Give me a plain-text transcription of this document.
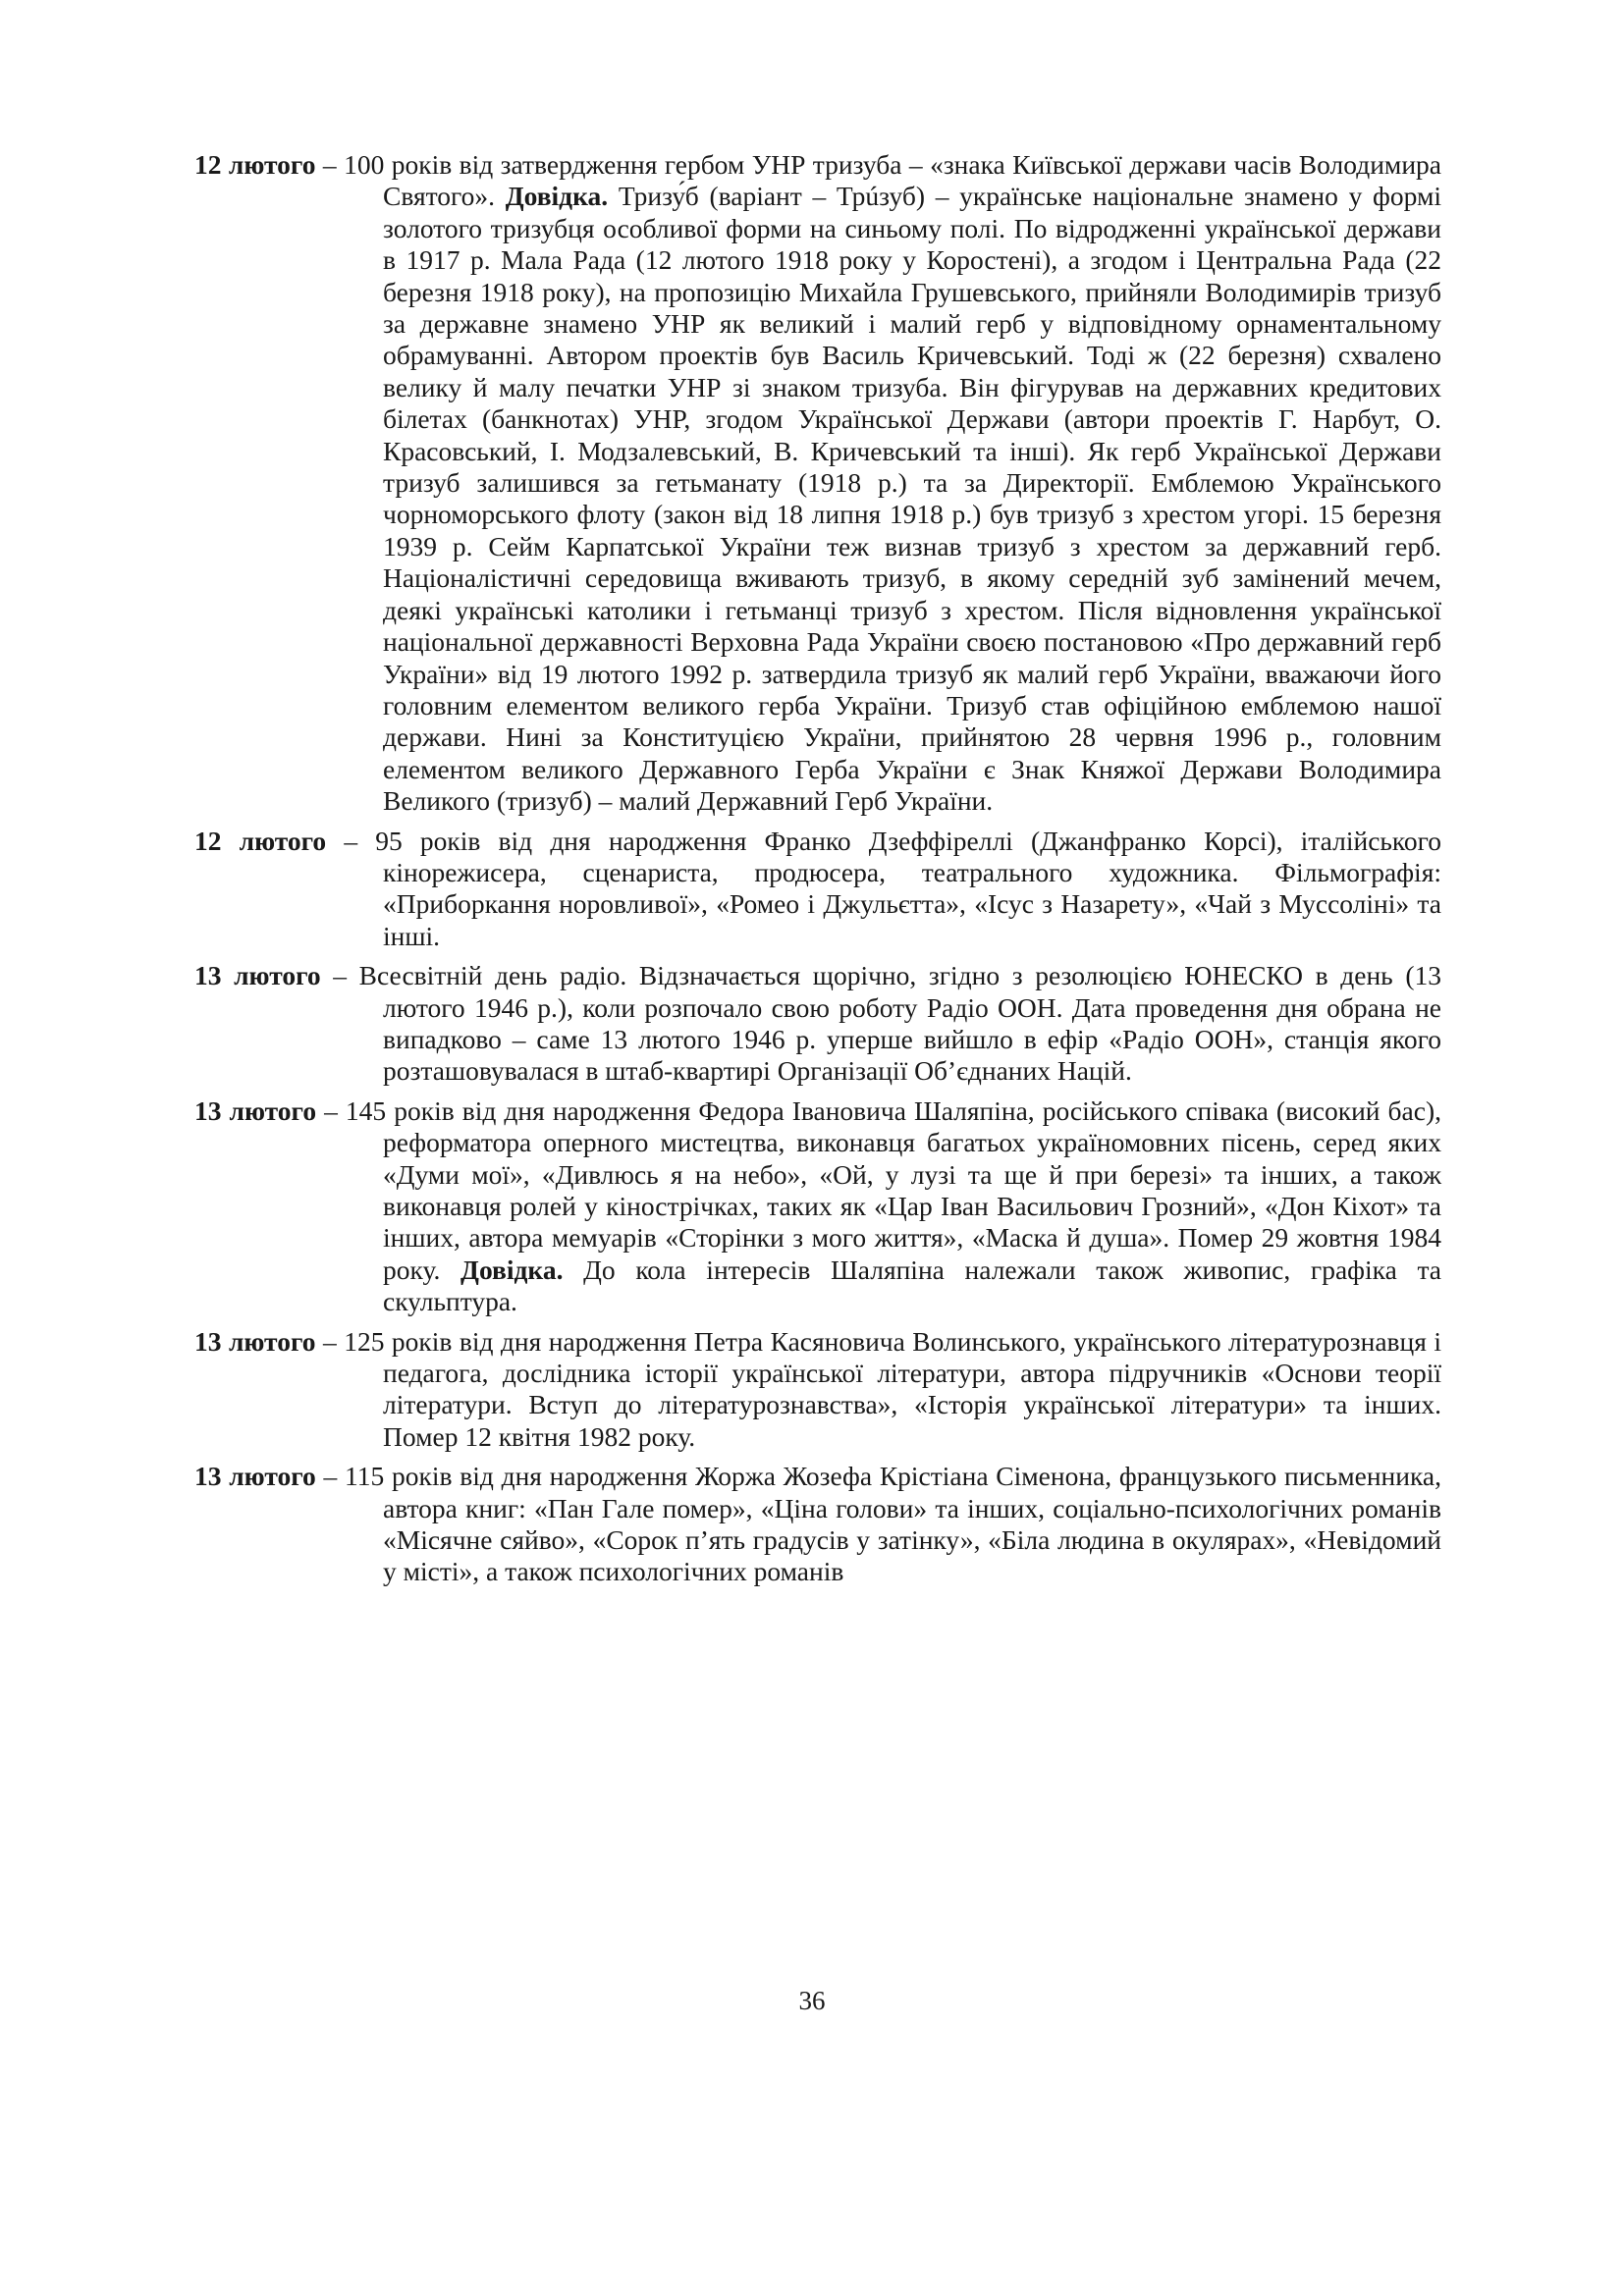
12 лютого – 100 років від затвердження гербом УНР тризуба – «знака Київської держави часів Володимира Святого». Довідка. Тризу́б (варіант – Трúзуб) – українське національне знамено у формі золотого тризубця особливої форми на синьому полі. По відродженні української держави в 1917 р. Мала Рада (12 лютого 1918 року у Коростені), а згодом і Центральна Рада (22 березня 1918 року), на пропозицію Михайла Грушевського, прийняли Володимирів тризуб за державне знамено УНР як великий і малий герб у відповідному орнаментальному обрамуванні. Автором проектів був Василь Кричевський. Тоді ж (22 березня) схвалено велику й малу печатки УНР зі знаком тризуба. Він фігурував на державних кредитових білетах (банкнотах) УНР, згодом Української Держави (автори проектів Г. Нарбут, О. Красовський, І. Модзалевський, В. Кричевський та інші). Як герб Української Держави тризуб залишився за гетьманату (1918 р.) та за Директорії. Емблемою Українського чорноморського флоту (закон від 18 липня 1918 р.) був тризуб з хрестом угорі. 15 березня 1939 р. Сейм Карпатської України теж визнав тризуб з хрестом за державний герб. Націоналістичні середовища вживають тризуб, в якому середній зуб замінений мечем, деякі українські католики і гетьманці тризуб з хрестом. Після відновлення української національної державності Верховна Рада України своєю постановою «Про державний герб України» від 19 лютого 1992 р. затвердила тризуб як малий герб України, вважаючи його головним елементом великого герба України. Тризуб став офіційною емблемою нашої держави. Нині за Конституцією України, прийнятою 28 червня 1996 р., головним елементом великого Державного Герба України є Знак Княжої Держави Володимира Великого (тризуб) – малий Державний Герб України.

12 лютого – 95 років від дня народження Франко Дзеффіреллі (Джанфранко Корсі), італійського кінорежисера, сценариста, продюсера, театрального художника. Фільмографія: «Приборкання норовливої», «Ромео і Джульєтта», «Ісус з Назарету», «Чай з Муссоліні» та інші.

13 лютого – Всесвітній день радіо. Відзначається щорічно, згідно з резолюцією ЮНЕСКО в день (13 лютого 1946 р.), коли розпочало свою роботу Радіо ООН. Дата проведення дня обрана не випадково – саме 13 лютого 1946 р. уперше вийшло в ефір «Радіо ООН», станція якого розташовувалася в штаб-квартирі Організації Об’єднаних Націй.

13 лютого – 145 років від дня народження Федора Івановича Шаляпіна, російського співака (високий бас), реформатора оперного мистецтва, виконавця багатьох україномовних пісень, серед яких «Думи мої», «Дивлюсь я на небо», «Ой, у лузі та ще й при березі» та інших, а також виконавця ролей у кінострічках, таких як «Цар Іван Васильович Грозний», «Дон Кіхот» та інших, автора мемуарів «Сторінки з мого життя», «Маска й душа». Помер 29 жовтня 1984 року. Довідка. До кола інтересів Шаляпіна належали також живопис, графіка та скульптура.

13 лютого – 125 років від дня народження Петра Касяновича Волинського, українського літературознавця і педагога, дослідника історії української літератури, автора підручників «Основи теорії літератури. Вступ до літературознавства», «Історія української літератури» та інших. Помер 12 квітня 1982 року.

13 лютого – 115 років від дня народження Жоржа Жозефа Крістіана Сіменона, французького письменника, автора книг: «Пан Гале помер», «Ціна голови» та інших, соціально-психологічних романів «Місячне сяйво», «Сорок п’ять градусів у затінку», «Біла людина в окулярах», «Невідомий у місті», а також психологічних романів

36
